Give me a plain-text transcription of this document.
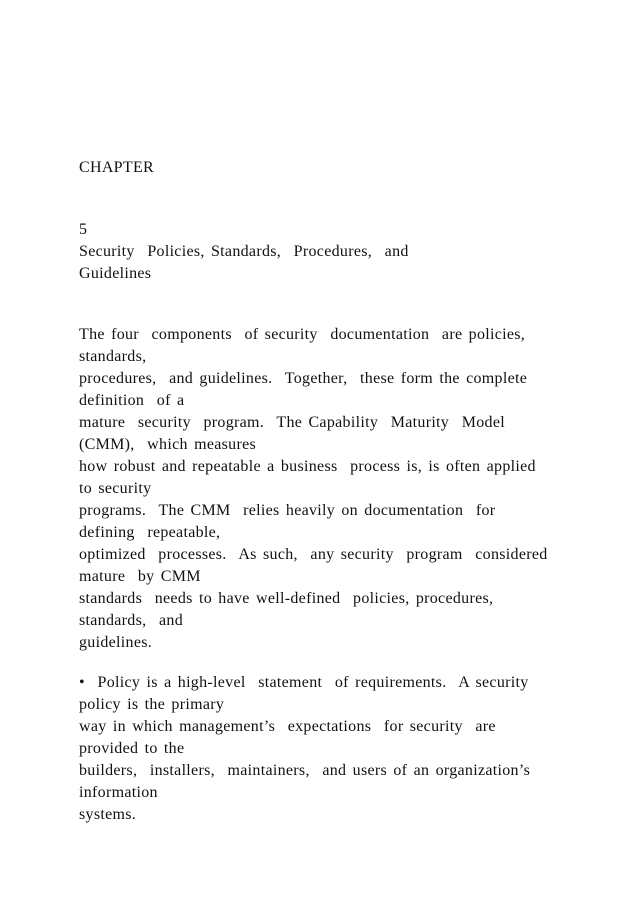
CHAPTER

5

Security  Policies, Standards,  Procedures,  and

Guidelines

The four  components  of security  documentation  are policies,

standards,

procedures,  and guidelines.  Together,  these form the complete

definition  of a

mature  security  program.  The Capability  Maturity  Model

(CMM),  which measures

how robust and repeatable a business  process is, is often applied

to security

programs.  The CMM  relies heavily on documentation  for

defining  repeatable,

optimized  processes.  As such,  any security  program  considered

mature  by CMM

standards  needs to have well-defined  policies, procedures,

standards,  and

guidelines.

•  Policy is a high-level  statement  of requirements.  A security

policy is the primary

way in which management’s  expectations  for security  are

provided to the

builders,  installers,  maintainers,  and users of an organization’s

information

systems.
